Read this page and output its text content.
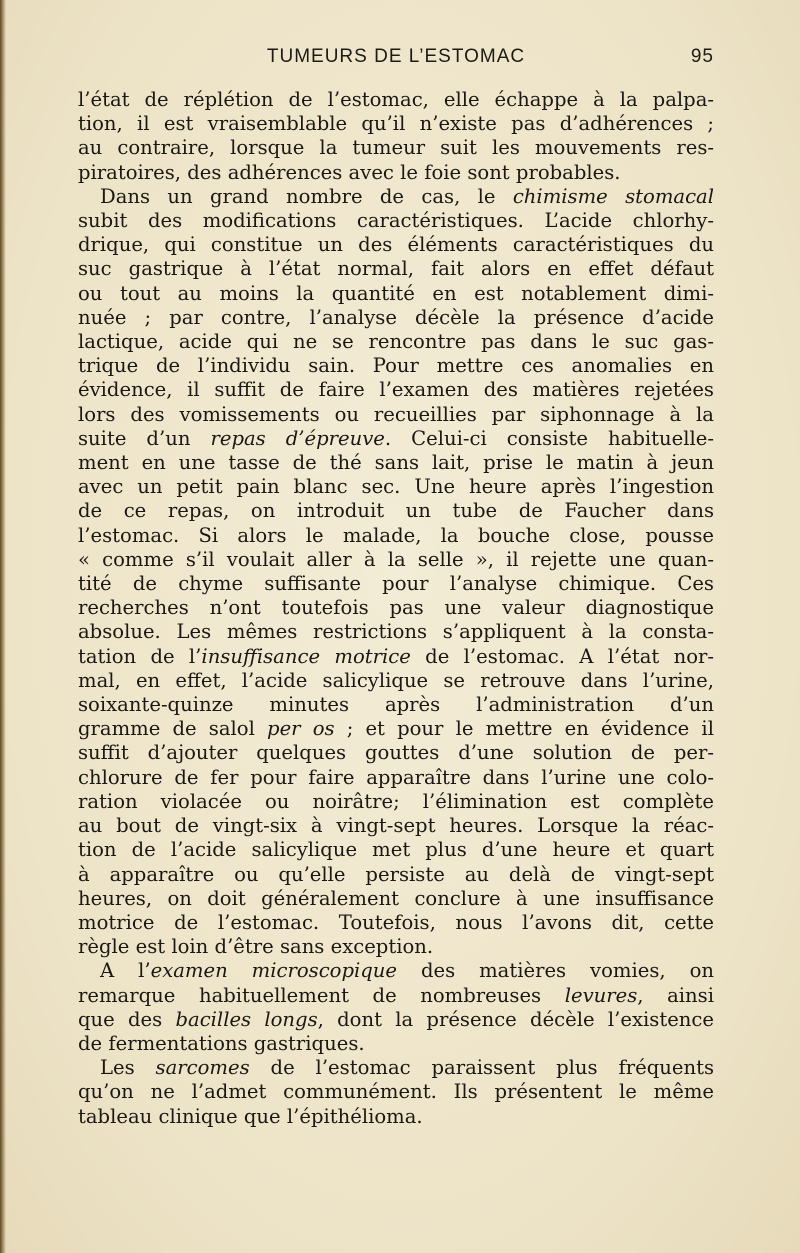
TUMEURS DE L’ESTOMAC	95

l’état de réplétion de l’estomac, elle échappe à la palpa-
tion, il est vraisemblable qu’il n’existe pas d’adhérences ;
au contraire, lorsque la tumeur suit les mouvements res-
piratoires, des adhérences avec le foie sont probables.

Dans un grand nombre de cas, le chimisme stomacal
subit des modifications caractéristiques. L’acide chlorhy-
drique, qui constitue un des éléments caractéristiques du
suc gastrique à l’état normal, fait alors en effet défaut
ou tout au moins la quantité en est notablement dimi-
nuée ; par contre, l’analyse décèle la présence d’acide
lactique, acide qui ne se rencontre pas dans le suc gas-
trique de l’individu sain. Pour mettre ces anomalies en
évidence, il suffit de faire l’examen des matières rejetées
lors des vomissements ou recueillies par siphonnage à la
suite d’un repas d’épreuve. Celui-ci consiste habituelle-
ment en une tasse de thé sans lait, prise le matin à jeun
avec un petit pain blanc sec. Une heure après l’ingestion
de ce repas, on introduit un tube de Faucher dans
l’estomac. Si alors le malade, la bouche close, pousse
« comme s’il voulait aller à la selle », il rejette une quan-
tité de chyme suffisante pour l’analyse chimique. Ces
recherches n’ont toutefois pas une valeur diagnostique
absolue. Les mêmes restrictions s’appliquent à la consta-
tation de l’insuffisance motrice de l’estomac. A l’état nor-
mal, en effet, l’acide salicylique se retrouve dans l’urine,
soixante-quinze minutes après l’administration d’un
gramme de salol per os ; et pour le mettre en évidence il
suffit d’ajouter quelques gouttes d’une solution de per-
chlorure de fer pour faire apparaître dans l’urine une colo-
ration violacée ou noirâtre; l’élimination est complète
au bout de vingt-six à vingt-sept heures. Lorsque la réac-
tion de l’acide salicylique met plus d’une heure et quart
à apparaître ou qu’elle persiste au delà de vingt-sept
heures, on doit généralement conclure à une insuffisance
motrice de l’estomac. Toutefois, nous l’avons dit, cette
règle est loin d’être sans exception.

A l’examen microscopique des matières vomies, on
remarque habituellement de nombreuses levures, ainsi
que des bacilles longs, dont la présence décèle l’existence
de fermentations gastriques.

Les sarcomes de l’estomac paraissent plus fréquents
qu’on ne l’admet communément. Ils présentent le même
tableau clinique que l’épithélioma.
